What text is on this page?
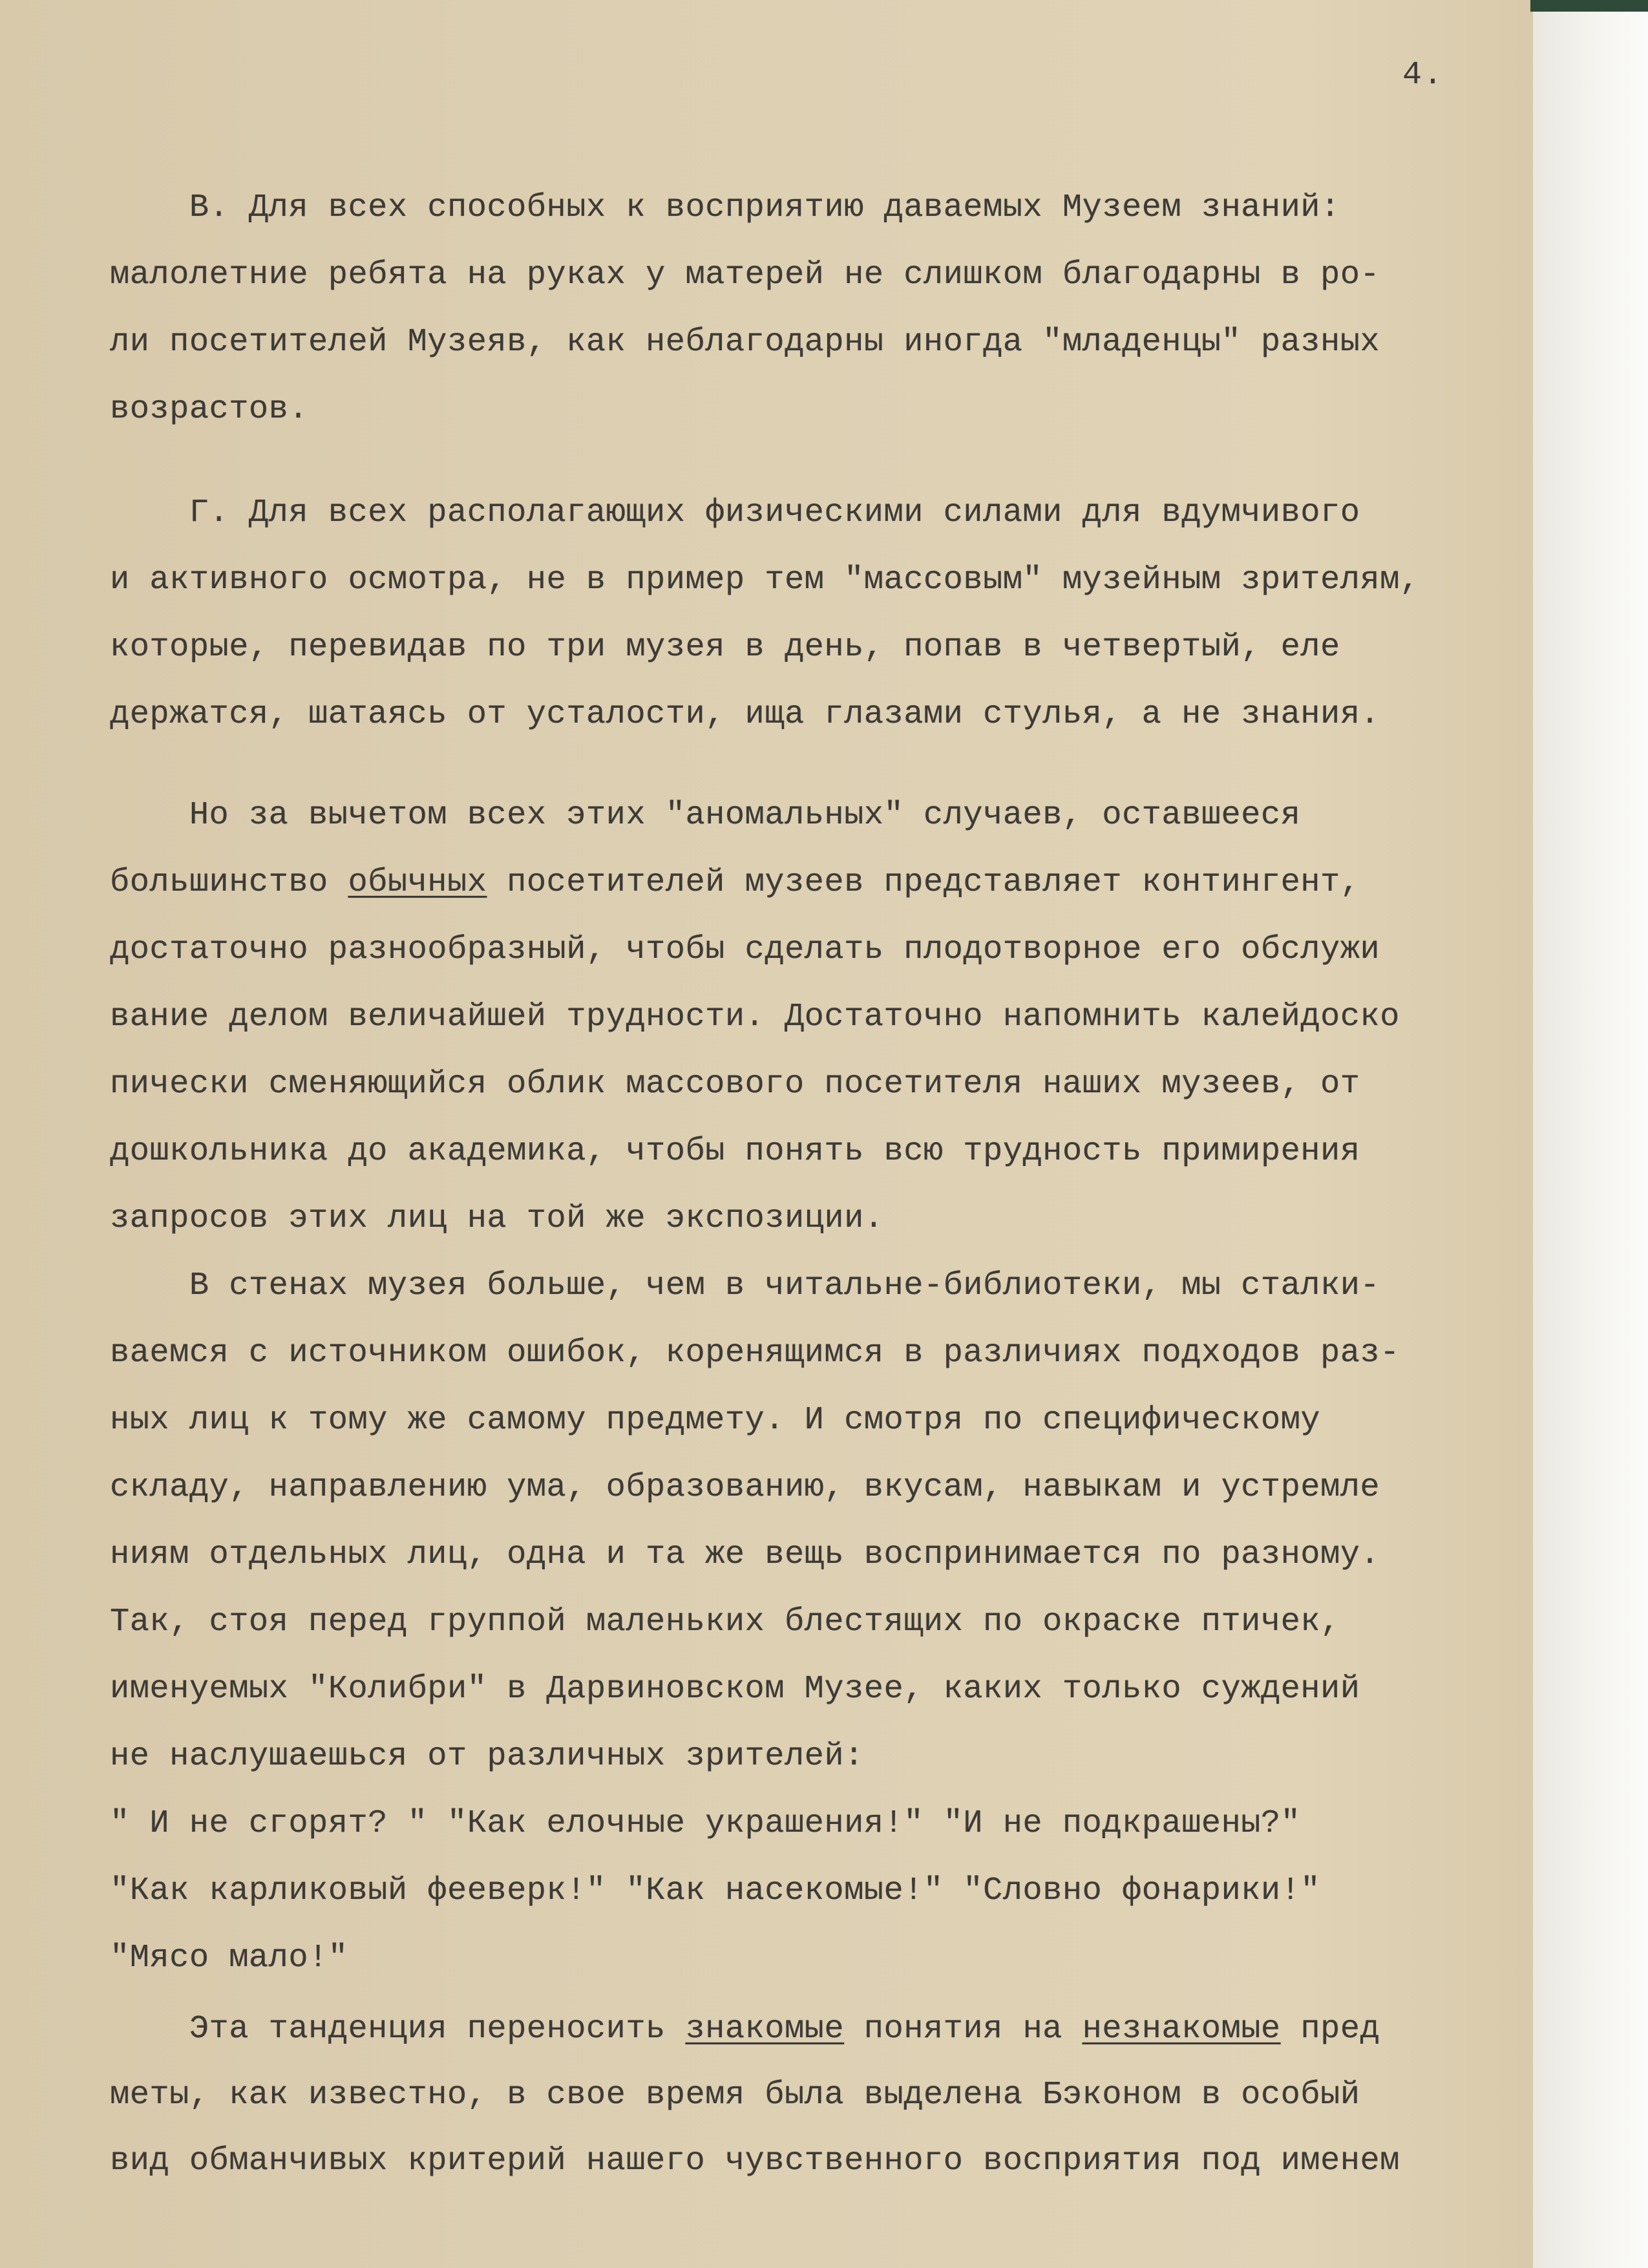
4.
В. Для всех способных к восприятию даваемых Музеем знаний:
малолетние ребята на руках у матерей не слишком благодарны в ро-
ли посетителей Музеяв, как неблагодарны иногда "младенцы" разных
возрастов.
Г. Для всех располагающих физическими силами для вдумчивого
и активного осмотра, не в пример тем "массовым" музейным зрителям,
которые, перевидав по три музея в день, попав в четвертый, еле
держатся, шатаясь от усталости, ища глазами стулья, а не знания.
Но за вычетом всех этих "аномальных" случаев, оставшееся
большинство обычных посетителей музеев представляет контингент,
достаточно разнообразный, чтобы сделать плодотворное его обслужи
вание делом величайшей трудности. Достаточно напомнить калейдоско
пически сменяющийся облик массового посетителя наших музеев, от
дошкольника до академика, чтобы понять всю трудность примирения
запросов этих лиц на той же экспозиции.
В стенах музея больше, чем в читальне-библиотеки, мы сталки-
ваемся с источником ошибок, коренящимся в различиях подходов раз-
ных лиц к тому же самому предмету. И смотря по специфическому
складу, направлению ума, образованию, вкусам, навыкам и устремле
ниям отдельных лиц, одна и та же вещь воспринимается по разному.
Так, стоя перед группой маленьких блестящих по окраске птичек,
именуемых "Колибри" в Дарвиновском Музее, каких только суждений
не наслушаешься от различных зрителей:
" И не сгорят? " "Как елочные украшения!" "И не подкрашены?"
"Как карликовый фееверк!" "Как насекомые!" "Словно фонарики!"
"Мясо мало!"
Эта танденция переносить знакомые понятия на незнакомые пред
меты, как известно, в свое время была выделена Бэконом в особый
вид обманчивых критерий нашего чувственного восприятия под именем
